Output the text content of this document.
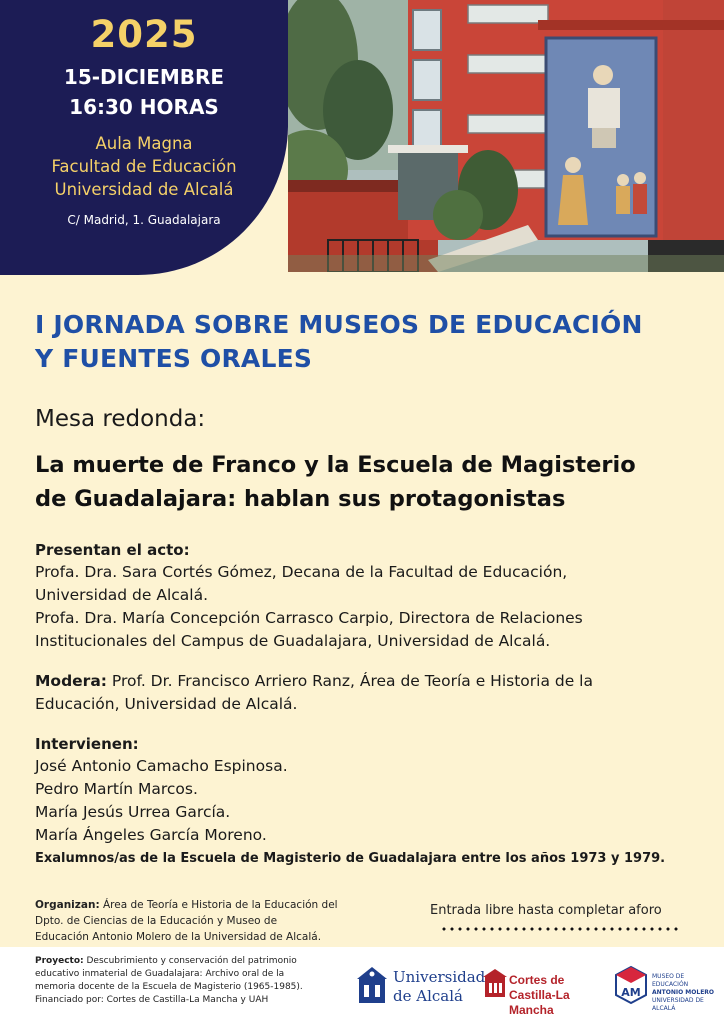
2025
15-DICIEMBRE
16:30 HORAS
Aula Magna
Facultad de Educación
Universidad de Alcalá
C/ Madrid, 1. Guadalajara
I JORNADA SOBRE MUSEOS DE EDUCACIÓN
Y FUENTES ORALES
Mesa redonda:
La muerte de Franco y la Escuela de Magisterio
de Guadalajara: hablan sus protagonistas
Presentan el acto:

Profa. Dra. Sara Cortés Gómez, Decana de la Facultad de Educación,

Universidad de Alcalá.

Profa. Dra. María Concepción Carrasco Carpio, Directora de Relaciones

Institucionales del Campus de Guadalajara, Universidad de Alcalá.

Modera: Prof. Dr. Francisco Arriero Ranz, Área de Teoría e Historia de la

Educación, Universidad de Alcalá.

Intervienen:

José Antonio Camacho Espinosa.

Pedro Martín Marcos.

María Jesús Urrea García.

María Ángeles García Moreno.

Exalumnos/as de la Escuela de Magisterio de Guadalajara entre los años 1973 y 1979.
Organizan: Área de Teoría e Historia de la Educación del
Dpto. de Ciencias de la Educación y Museo de
Educación Antonio Molero de la Universidad de Alcalá.
Entrada libre hasta completar aforo
Proyecto: Descubrimiento y conservación del patrimonio
educativo inmaterial de Guadalajara: Archivo oral de la
memoria docente de la Escuela de Magisterio (1965-1985).
Financiado por: Cortes de Castilla-La Mancha y UAH
Universidad
de Alcalá
Cortes de
Castilla-La Mancha
AM
MUSEO DE EDUCACIÓN
ANTONIO MOLERO
UNIVERSIDAD DE ALCALÁ
